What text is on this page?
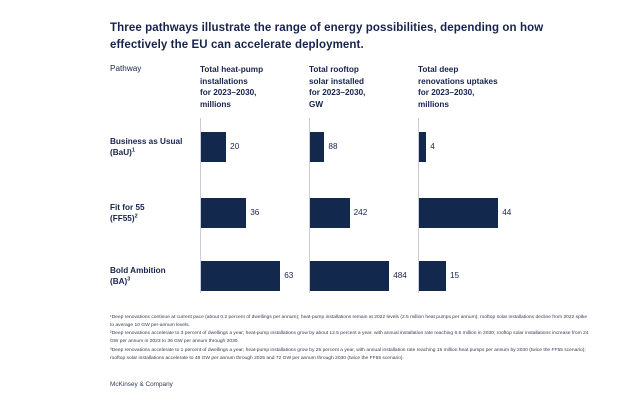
Three pathways illustrate the range of energy possibilities, depending on how effectively the EU can accelerate deployment.
Pathway	Total heat-pump
installations
for 2023–2030,
millions
Total rooftop
solar installed
for 2023–2030,
GW
Total deep
renovations uptakes
for 2023–2030,
millions
Business as Usual
(BaU)$^1$
Fit for 55
$(FF55)^2$
Bold Ambition
(BA)$^3$
20
36
63
88
242
484
4
44
15
¹Deep renovations continue at current pace (about 0.2 percent of dwellings per annum); heat-pump installations remain at 2022 levels (2.5 million heat pumps per annum); rooftop solar installations decline from 2022 spike to average 10 GW per-annum levels.
²Deep renovations accelerate to 3 percent of dwellings a year; heat-pump installations grow by about 12.5 percent a year, with annual installation rate reaching 6.5 million in 2030; rooftop solar installations increase from 24 GW per annum in 2023 to 36 GW per annum through 2030.
³Deep renovations accelerate to 1 percent of dwellings a year; heat-pump installations grow by 25 percent a year, with annual installation rate reaching 15 million heat pumps per annum by 2030 (twice the FF55 scenario); rooftop solar installations accelerate to 48 GW per annum through 2025 and 72 GW per annum through 2030 (twice the FF55 scenario).
McKinsey & Company
